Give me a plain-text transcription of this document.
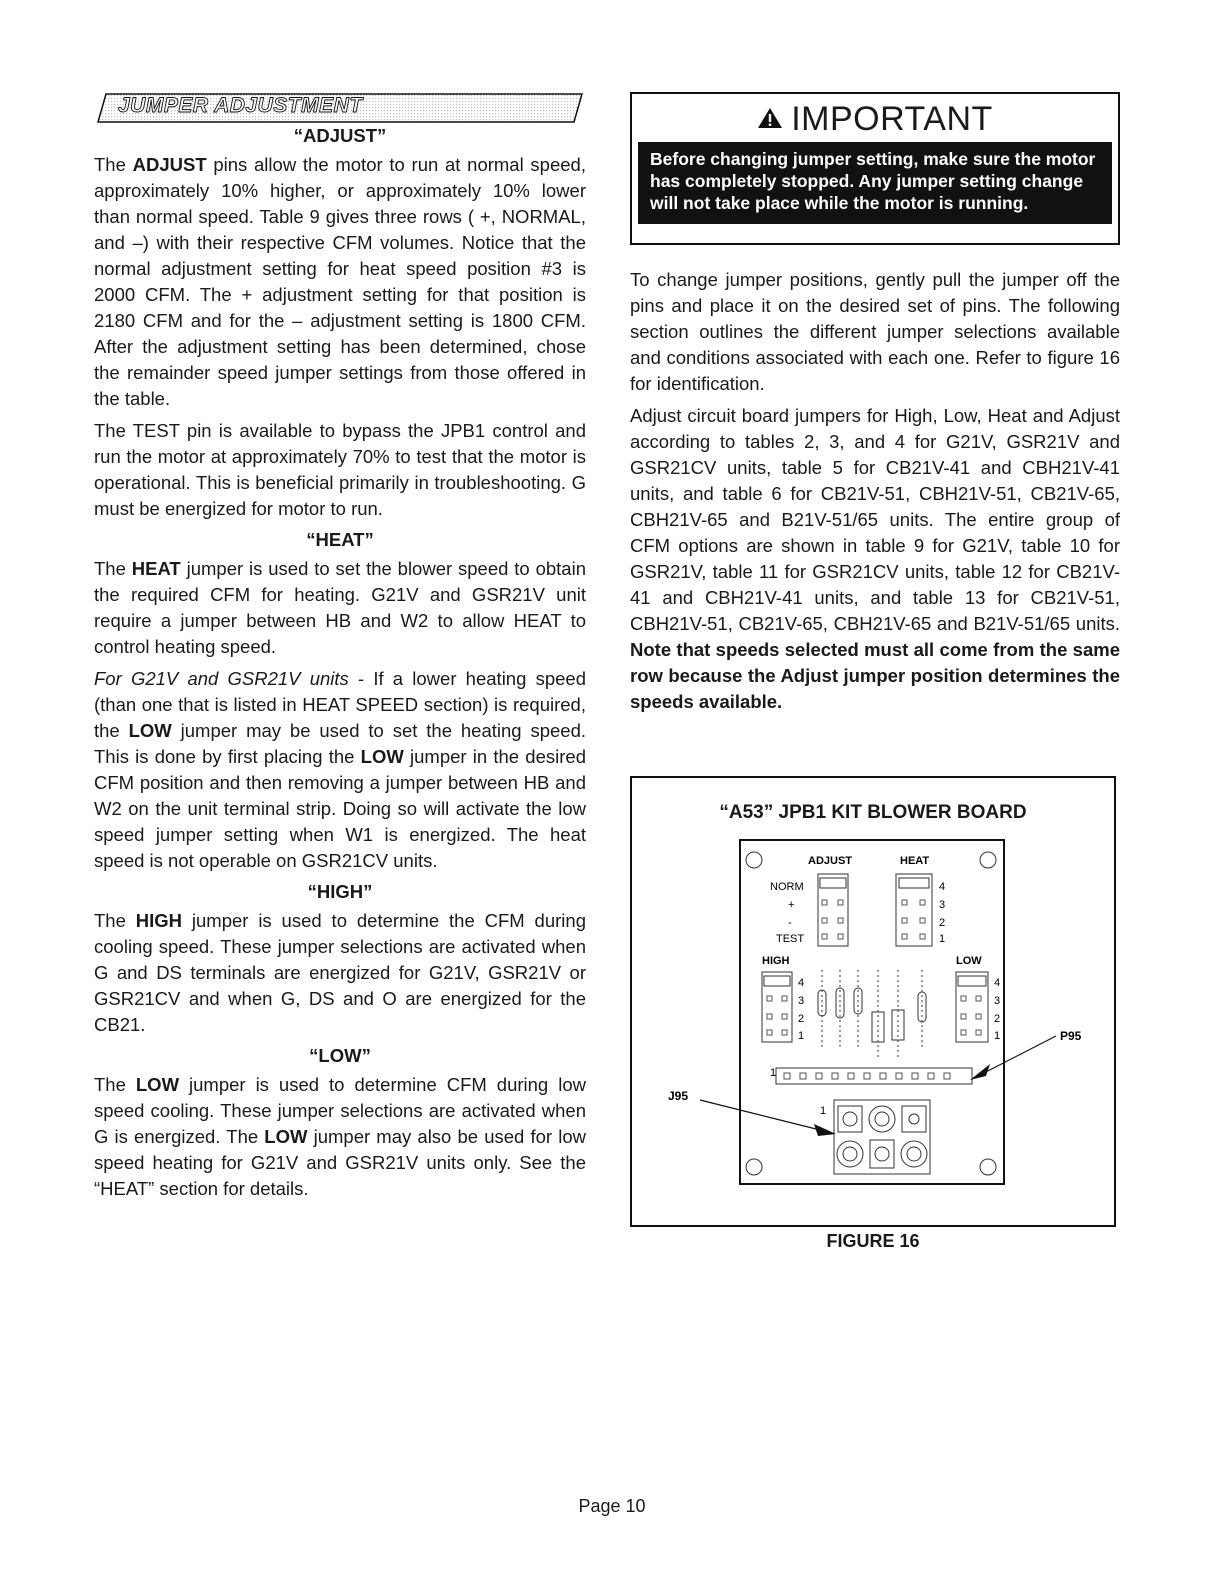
JUMPER ADJUSTMENT
“ADJUST”

The ADJUST pins allow the motor to run at normal speed, approximately 10% higher, or approximately 10% lower than normal speed. Table 9 gives three rows ( +, NORMAL, and –) with their respective CFM volumes. Notice that the normal adjustment setting for heat speed position #3 is 2000 CFM. The + adjustment setting for that position is 2180 CFM and for the – adjustment setting is 1800 CFM. After the adjustment setting has been determined, chose the remainder speed jumper settings from those offered in the table.

The TEST pin is available to bypass the JPB1 control and run the motor at approximately 70% to test that the motor is operational. This is beneficial primarily in troubleshooting. G must be energized for motor to run.

“HEAT”

The HEAT jumper is used to set the blower speed to obtain the required CFM for heating. G21V and GSR21V unit require a jumper between HB and W2 to allow HEAT to control heating speed.

For G21V and GSR21V units - If a lower heating speed (than one that is listed in HEAT SPEED section) is required, the LOW jumper may be used to set the heating speed. This is done by first placing the LOW jumper in the desired CFM position and then removing a jumper between HB and W2 on the unit terminal strip. Doing so will activate the low speed jumper setting when W1 is energized. The heat speed is not operable on GSR21CV units.

“HIGH”

The HIGH jumper is used to determine the CFM during cooling speed. These jumper selections are activated when G and DS terminals are energized for G21V, GSR21V or GSR21CV and when G, DS and O are energized for the CB21.

“LOW”

The LOW jumper is used to determine CFM during low speed cooling. These jumper selections are activated when G is energized. The LOW jumper may also be used for low speed heating for G21V and GSR21V units only. See the “HEAT” section for details.

IMPORTANT
Before changing jumper setting, make sure the motor has completely stopped. Any jumper setting change will not take place while the motor is running.

To change jumper positions, gently pull the jumper off the pins and place it on the desired set of pins. The following section outlines the different jumper selections available and conditions associated with each one. Refer to figure 16 for identification.

Adjust circuit board jumpers for High, Low, Heat and Adjust according to tables 2, 3, and 4 for G21V, GSR21V and GSR21CV units, table 5 for CB21V-41 and CBH21V-41 units, and table 6 for CB21V-51, CBH21V-51, CB21V-65, CBH21V-65 and B21V-51/65 units. The entire group of CFM options are shown in table 9 for G21V, table 10 for GSR21V, table 11 for GSR21CV units, table 12 for CB21V-41 and CBH21V-41 units, and table 13 for CB21V-51, CBH21V-51, CB21V-65, CBH21V-65 and B21V-51/65 units. Note that speeds selected must all come from the same row because the Adjust jumper position determines the speeds available.

“A53” JPB1 KIT BLOWER BOARD
ADJUST	HEAT
NORM
+
-
TEST
4
3
2
1
HIGH	LOW
4
3
2
1
4
3
2
1
1
1
P95
J95
FIGURE 16
Page 10
